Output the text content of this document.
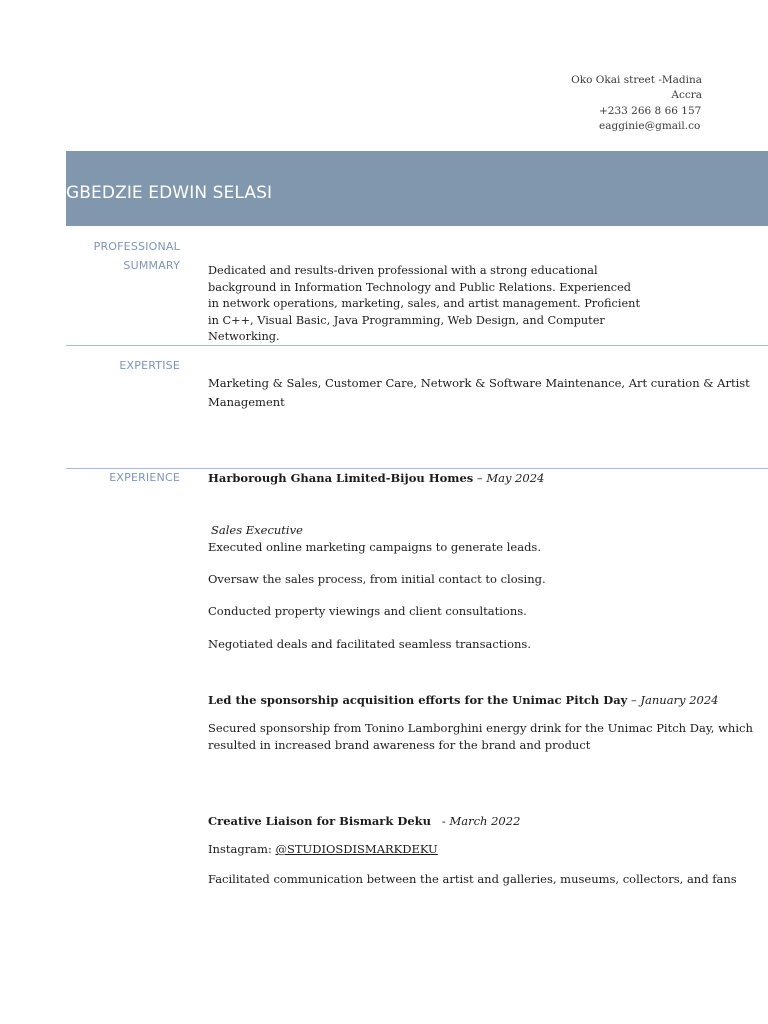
Oko Okai street -Madina
Accra
+233 266 8 66 157
eagginie@gmail.co
GBEDZIE EDWIN SELASI
PROFESSIONAL
SUMMARY Dedicated and results-driven professional with a strong educational
background in Information Technology and Public Relations. Experienced
in network operations, marketing, sales, and artist management. Proficient
in C++, Visual Basic, Java Programming, Web Design, and Computer
Networking.
EXPERTISE
Marketing & Sales, Customer Care, Network & Software Maintenance, Art curation & Artist
Management
EXPERIENCE Harborough Ghana Limited-Bijou Homes – May 2024
Sales Executive
Executed online marketing campaigns to generate leads.
Oversaw the sales process, from initial contact to closing.
Conducted property viewings and client consultations.
Negotiated deals and facilitated seamless transactions.
Led the sponsorship acquisition efforts for the Unimac Pitch Day – January 2024
Secured sponsorship from Tonino Lamborghini energy drink for the Unimac Pitch Day, which
resulted in increased brand awareness for the brand and product
Creative Liaison for Bismark Deku   - March 2022
Instagram: @STUDIOSDISMARKDEKU
Facilitated communication between the artist and galleries, museums, collectors, and fans
